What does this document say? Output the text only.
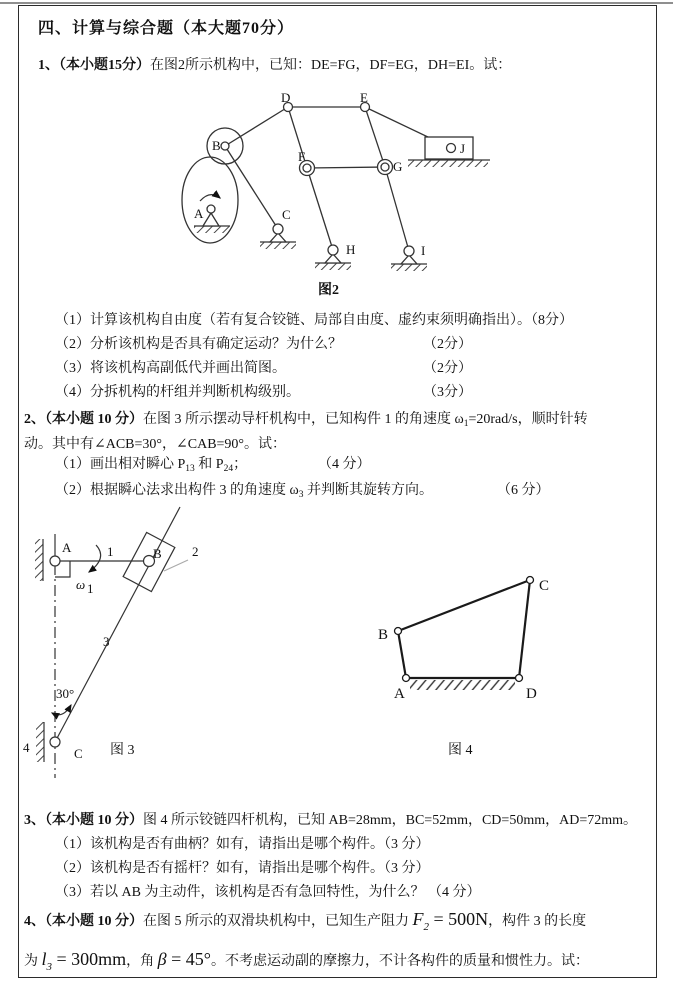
四、计算与综合题（本大题70分）
1、（本小题15分）在图2所示机构中，已知：DE=FG，DF=EG，DH=EI。试：
D	E
B
F
G
C
H	I
J
A
图2
（1）计算该机构自由度（若有复合铰链、局部自由度、虚约束须明确指出）。（8分）
（2）分析该机构是否具有确定运动？为什么？	（2分）
（3）将该机构高副低代并画出简图。	（2分）
（4）分拆机构的杆组并判断机构级别。	（3分）
2、（本小题 10 分）在图 3 所示摆动导杆机构中，已知构件 1 的角速度 $\omega_1=20rad/s$，顺时针转
动。其中有∠ACB=30°，∠CAB=90°。试：
（1）画出相对瞬心 $P_{13}$ 和 $P_{24}$；	（4 分）
（2）根据瞬心法求出构件 3 的角速度 $\omega_3$ 并判断其旋转方向。	（6 分）
A	B
C
1	2
3
4
30°
ω 1
图 3
A
B
C
D
图 4
3、（本小题 10 分）图 4 所示铰链四杆机构，已知 AB=28mm，BC=52mm，CD=50mm，AD=72mm。
（1）该机构是否有曲柄？如有，请指出是哪个构件。（3 分）
（2）该机构是否有摇杆？如有，请指出是哪个构件。（3 分）
（3）若以 AB 为主动件，该机构是否有急回特性，为什么？ （4 分）
4、（本小题 10 分）在图 5 所示的双滑块机构中，已知生产阻力 $F_2 = 500N$，构件 3 的长度
为 $l_3 = 300mm$，角 β = 45°。不考虑运动副的摩擦力，不计各构件的质量和惯性力。试：
